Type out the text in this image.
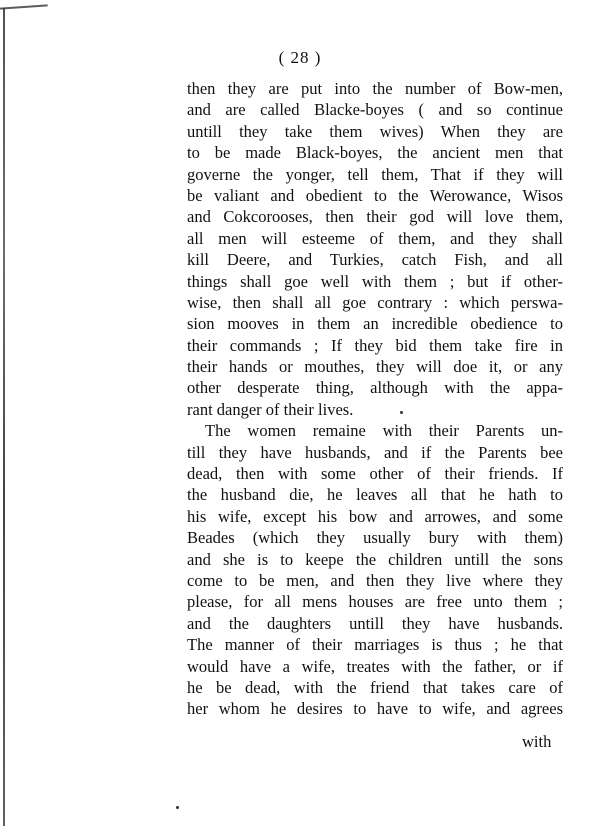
( 28 )
then they are put into the number of Bow-men,
and are called Blacke-boyes ( and so continue
untill they take them wives) When they are
to be made Black-boyes, the ancient men that
governe the yonger, tell them, That if they will
be valiant and obedient to the Werowance, Wisos
and Cokcorooses, then their god will love them,
all men will esteeme of them, and they shall
kill Deere, and Turkies, catch Fish, and all
things shall goe well with them ; but if other-
wise, then shall all goe contrary : which perswa-
sion mooves in them an incredible obedience to
their commands ; If they bid them take fire in
their hands or mouthes, they will doe it, or any
other desperate thing, although with the appa-
rant danger of their lives.
The women remaine with their Parents un-
till they have husbands, and if the Parents bee
dead, then with some other of their friends. If
the husband die, he leaves all that he hath to
his wife, except his bow and arrowes, and some
Beades (which they usually bury with them)
and she is to keepe the children untill the sons
come to be men, and then they live where they
please, for all mens houses are free unto them ;
and the daughters untill they have husbands.
The manner of their marriages is thus ; he that
would have a wife, treates with the father, or if
he be dead, with the friend that takes care of
her whom he desires to have to wife, and agrees
with
